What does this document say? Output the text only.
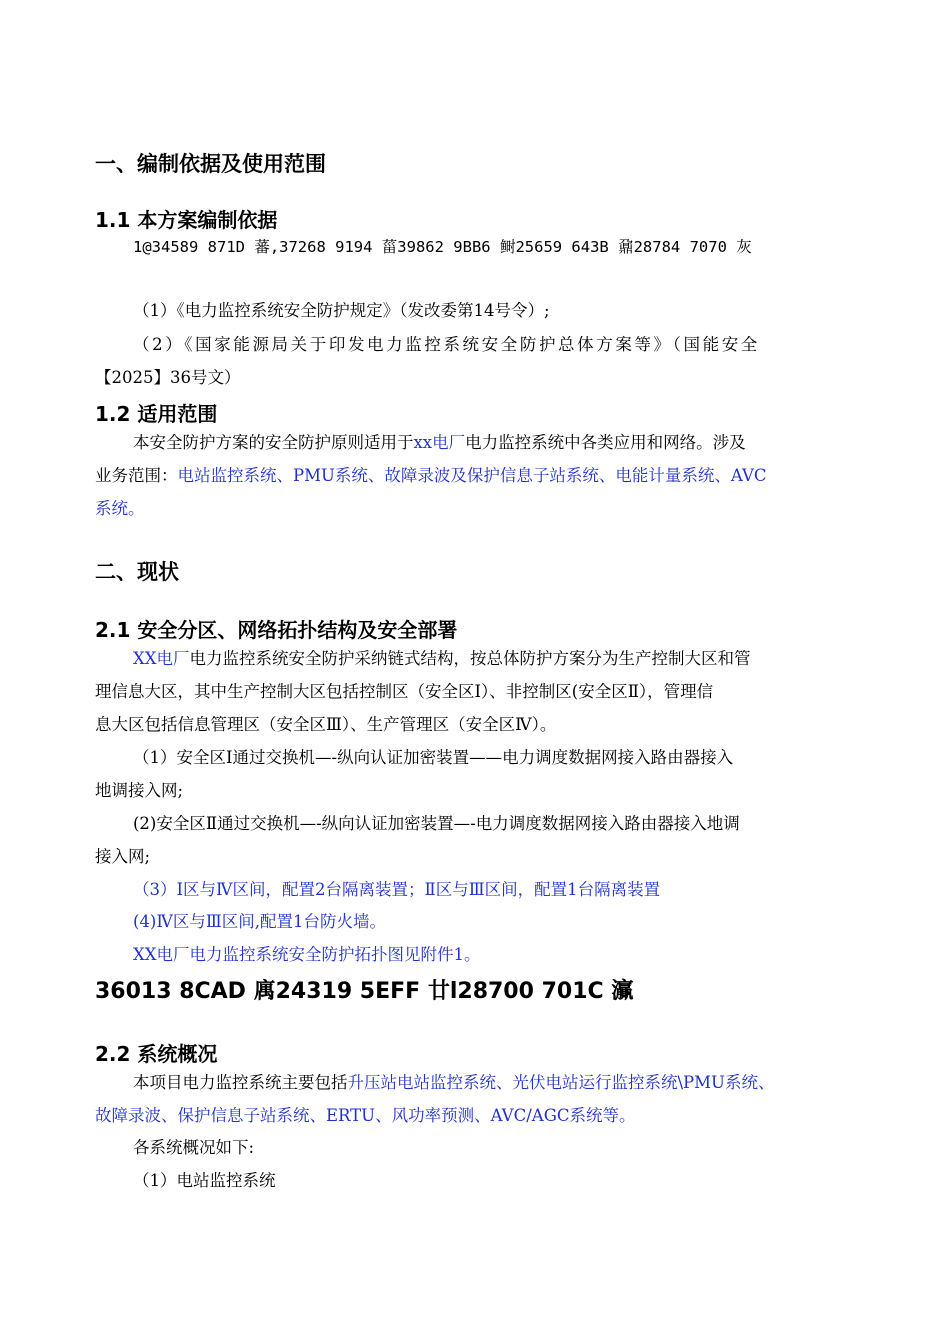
一、编制依据及使用范围
1.1 本方案编制依据

1@34589 871D 蕃,37268 9194 菑39862 9BB6 鲥25659 643B 鼐28784 7070 灰

（1）《电力监控系统安全防护规定》（发改委第14号令）;

（2）《国家能源局关于印发电力监控系统安全防护总体方案等》（国能安全

【2025】36号文）

1.2 适用范围

本安全防护方案的安全防护原则适用于xx电厂电力监控系统中各类应用和网络。涉及

业务范围：电站监控系统、PMU系统、故障录波及保护信息子站系统、电能计量系统、AVC

系统。

二、现状
2.1 安全分区、网络拓扑结构及安全部署

XX电厂电力监控系统安全防护采纳链式结构，按总体防护方案分为生产控制大区和管

理信息大区，其中生产控制大区包括控制区（安全区Ⅰ）、非控制区(安全区Ⅱ），管理信

息大区包括信息管理区（安全区Ⅲ）、生产管理区（安全区Ⅳ）。

（1）安全区Ⅰ通过交换机—-纵向认证加密装置——电力调度数据网接入路由器接入

地调接入网;

(2)安全区Ⅱ通过交换机—-纵向认证加密装置—-电力调度数据网接入路由器接入地调

接入网;

（3）Ⅰ区与Ⅳ区间，配置2台隔离装置；Ⅱ区与Ⅲ区间，配置1台隔离装置

(4)Ⅳ区与Ⅲ区间,配置1台防火墙。

XX电厂电力监控系统安全防护拓扑图见附件1。

36013 8CAD 庽24319 5EFF 廿l28700 701C 灜

2.2 系统概况

本项目电力监控系统主要包括升压站电站监控系统、光伏电站运行监控系统\PMU系统、

故障录波、保护信息子站系统、ERTU、风功率预测、AVC/AGC系统等。

各系统概况如下:

（1）电站监控系统
